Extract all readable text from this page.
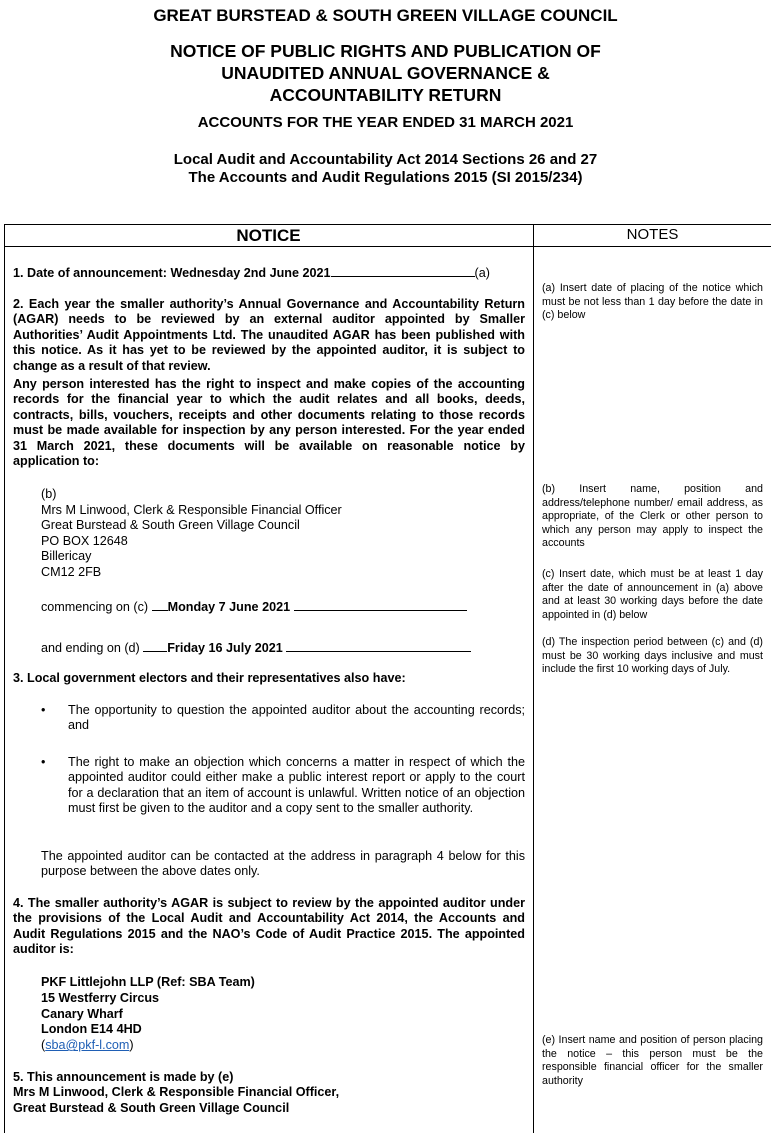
GREAT BURSTEAD & SOUTH GREEN VILLAGE COUNCIL
NOTICE OF PUBLIC RIGHTS AND PUBLICATION OF
UNAUDITED ANNUAL GOVERNANCE &
ACCOUNTABILITY RETURN
ACCOUNTS FOR THE YEAR ENDED 31 MARCH 2021
Local Audit and Accountability Act 2014 Sections 26 and 27
The Accounts and Audit Regulations 2015 (SI 2015/234)
NOTICE	NOTES
1. Date of announcement: Wednesday 2nd June 2021	(a)
2. Each year the smaller authority’s Annual Governance and Accountability Return (AGAR) needs to be reviewed by an external auditor appointed by Smaller Authorities’ Audit Appointments Ltd. The unaudited AGAR has been published with this notice. As it has yet to be reviewed by the appointed auditor, it is subject to change as a result of that review.
Any person interested has the right to inspect and make copies of the accounting records for the financial year to which the audit relates and all books, deeds, contracts, bills, vouchers, receipts and other documents relating to those records must be made available for inspection by any person interested. For the year ended 31 March 2021, these documents will be available on reasonable notice by application to:
(b)
Mrs M Linwood, Clerk & Responsible Financial Officer
Great Burstead & South Green Village Council
PO BOX 12648
Billericay
CM12 2FB
commencing on (c) Monday 7 June 2021
and ending on (d) Friday 16 July 2021
3. Local government electors and their representatives also have:
• The opportunity to question the appointed auditor about the accounting records; and
• The right to make an objection which concerns a matter in respect of which the appointed auditor could either make a public interest report or apply to the court for a declaration that an item of account is unlawful. Written notice of an objection must first be given to the auditor and a copy sent to the smaller authority.
The appointed auditor can be contacted at the address in paragraph 4 below for this purpose between the above dates only.
4. The smaller authority’s AGAR is subject to review by the appointed auditor under the provisions of the Local Audit and Accountability Act 2014, the Accounts and Audit Regulations 2015 and the NAO’s Code of Audit Practice 2015. The appointed auditor is:
PKF Littlejohn LLP (Ref: SBA Team)
15 Westferry Circus
Canary Wharf
London E14 4HD
(sba@pkf-l.com)
5. This announcement is made by (e)
Mrs M Linwood, Clerk & Responsible Financial Officer,
Great Burstead & South Green Village Council
(a) Insert date of placing of the notice which must be not less than 1 day before the date in (c) below
(b) Insert name, position and address/telephone number/ email address, as appropriate, of the Clerk or other person to which any person may apply to inspect the accounts
(c) Insert date, which must be at least 1 day after the date of announcement in (a) above and at least 30 working days before the date appointed in (d) below
(d) The inspection period between (c) and (d) must be 30 working days inclusive and must include the first 10 working days of July.
(e) Insert name and position of person placing the notice – this person must be the responsible financial officer for the smaller authority
